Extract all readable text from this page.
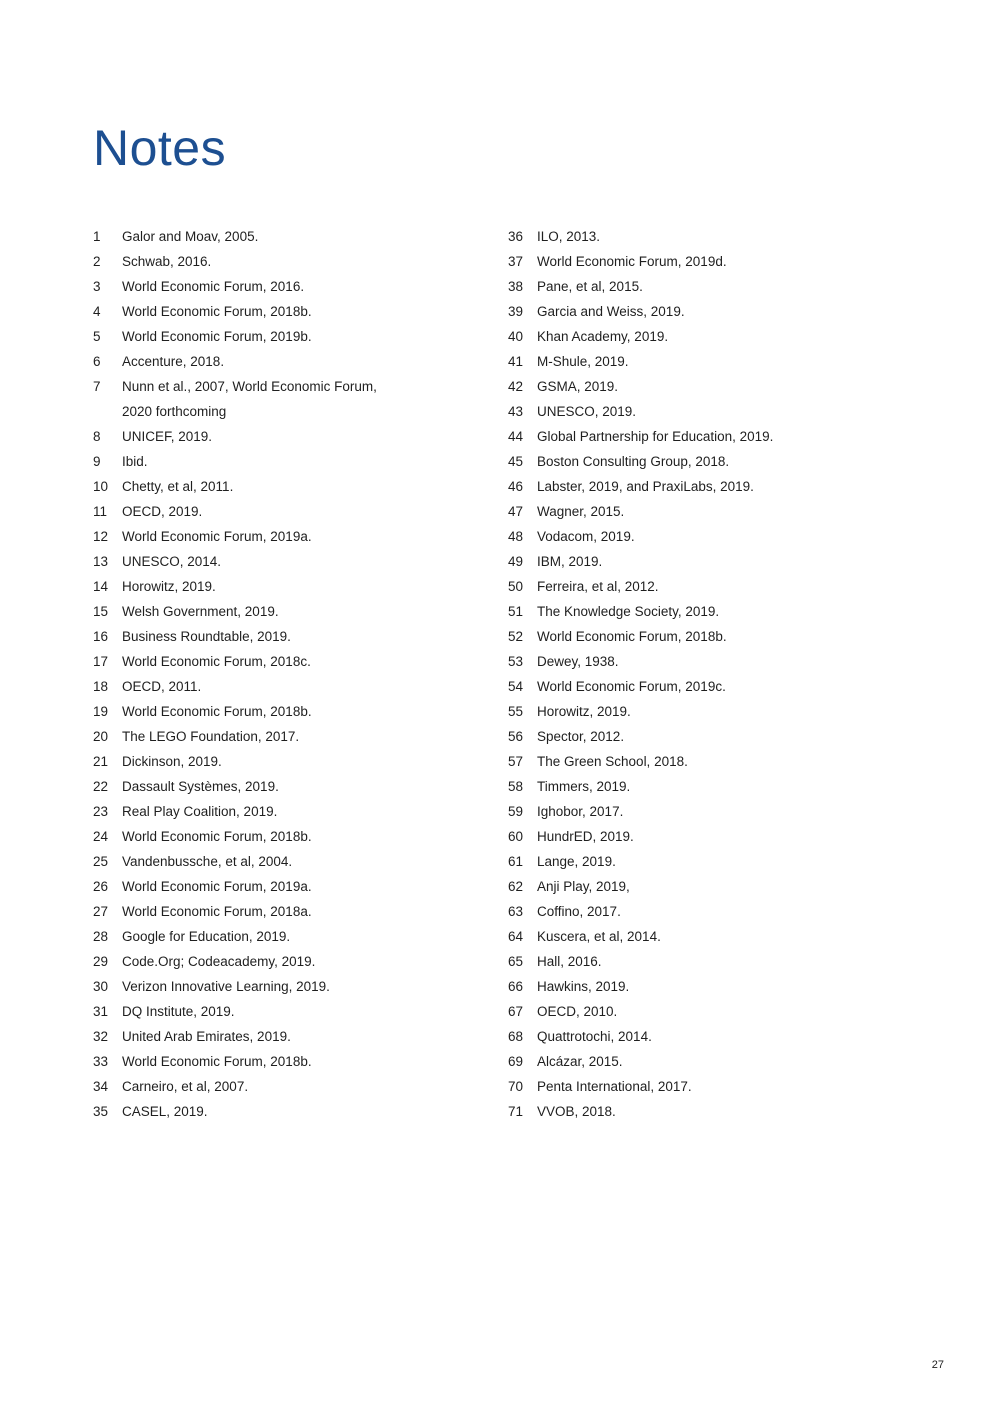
Notes
1	Galor and Moav, 2005.
2	Schwab, 2016.
3	World Economic Forum, 2016.
4	World Economic Forum, 2018b.
5	World Economic Forum, 2019b.
6	Accenture, 2018.
7	Nunn et al., 2007, World Economic Forum,
2020 forthcoming
8	UNICEF, 2019.
9	Ibid.
10	Chetty, et al, 2011.
11	OECD, 2019.
12	World Economic Forum, 2019a.
13	UNESCO, 2014.
14	Horowitz, 2019.
15	Welsh Government, 2019.
16	Business Roundtable, 2019.
17	World Economic Forum, 2018c.
18	OECD, 2011.
19	World Economic Forum, 2018b.
20	The LEGO Foundation, 2017.
21	Dickinson, 2019.
22	Dassault Systèmes, 2019.
23	Real Play Coalition, 2019.
24	World Economic Forum, 2018b.
25	Vandenbussche, et al, 2004.
26	World Economic Forum, 2019a.
27	World Economic Forum, 2018a.
28	Google for Education, 2019.
29	Code.Org; Codeacademy, 2019.
30	Verizon Innovative Learning, 2019.
31	DQ Institute, 2019.
32	United Arab Emirates, 2019.
33	World Economic Forum, 2018b.
34	Carneiro, et al, 2007.
35	CASEL, 2019.
36	ILO, 2013.
37	World Economic Forum, 2019d.
38	Pane, et al, 2015.
39	Garcia and Weiss, 2019.
40	Khan Academy, 2019.
41	M-Shule, 2019.
42	GSMA, 2019.
43	UNESCO, 2019.
44	Global Partnership for Education, 2019.
45	Boston Consulting Group, 2018.
46	Labster, 2019, and PraxiLabs, 2019.
47	Wagner, 2015.
48	Vodacom, 2019.
49	IBM, 2019.
50	Ferreira, et al, 2012.
51	The Knowledge Society, 2019.
52	World Economic Forum, 2018b.
53	Dewey, 1938.
54	World Economic Forum, 2019c.
55	Horowitz, 2019.
56	Spector, 2012.
57	The Green School, 2018.
58	Timmers, 2019.
59	Ighobor, 2017.
60	HundrED, 2019.
61	Lange, 2019.
62	Anji Play, 2019,
63	Coffino, 2017.
64	Kuscera, et al, 2014.
65	Hall, 2016.
66	Hawkins, 2019.
67	OECD, 2010.
68	Quattrotochi, 2014.
69	Alcázar, 2015.
70	Penta International, 2017.
71	VVOB, 2018.
27
